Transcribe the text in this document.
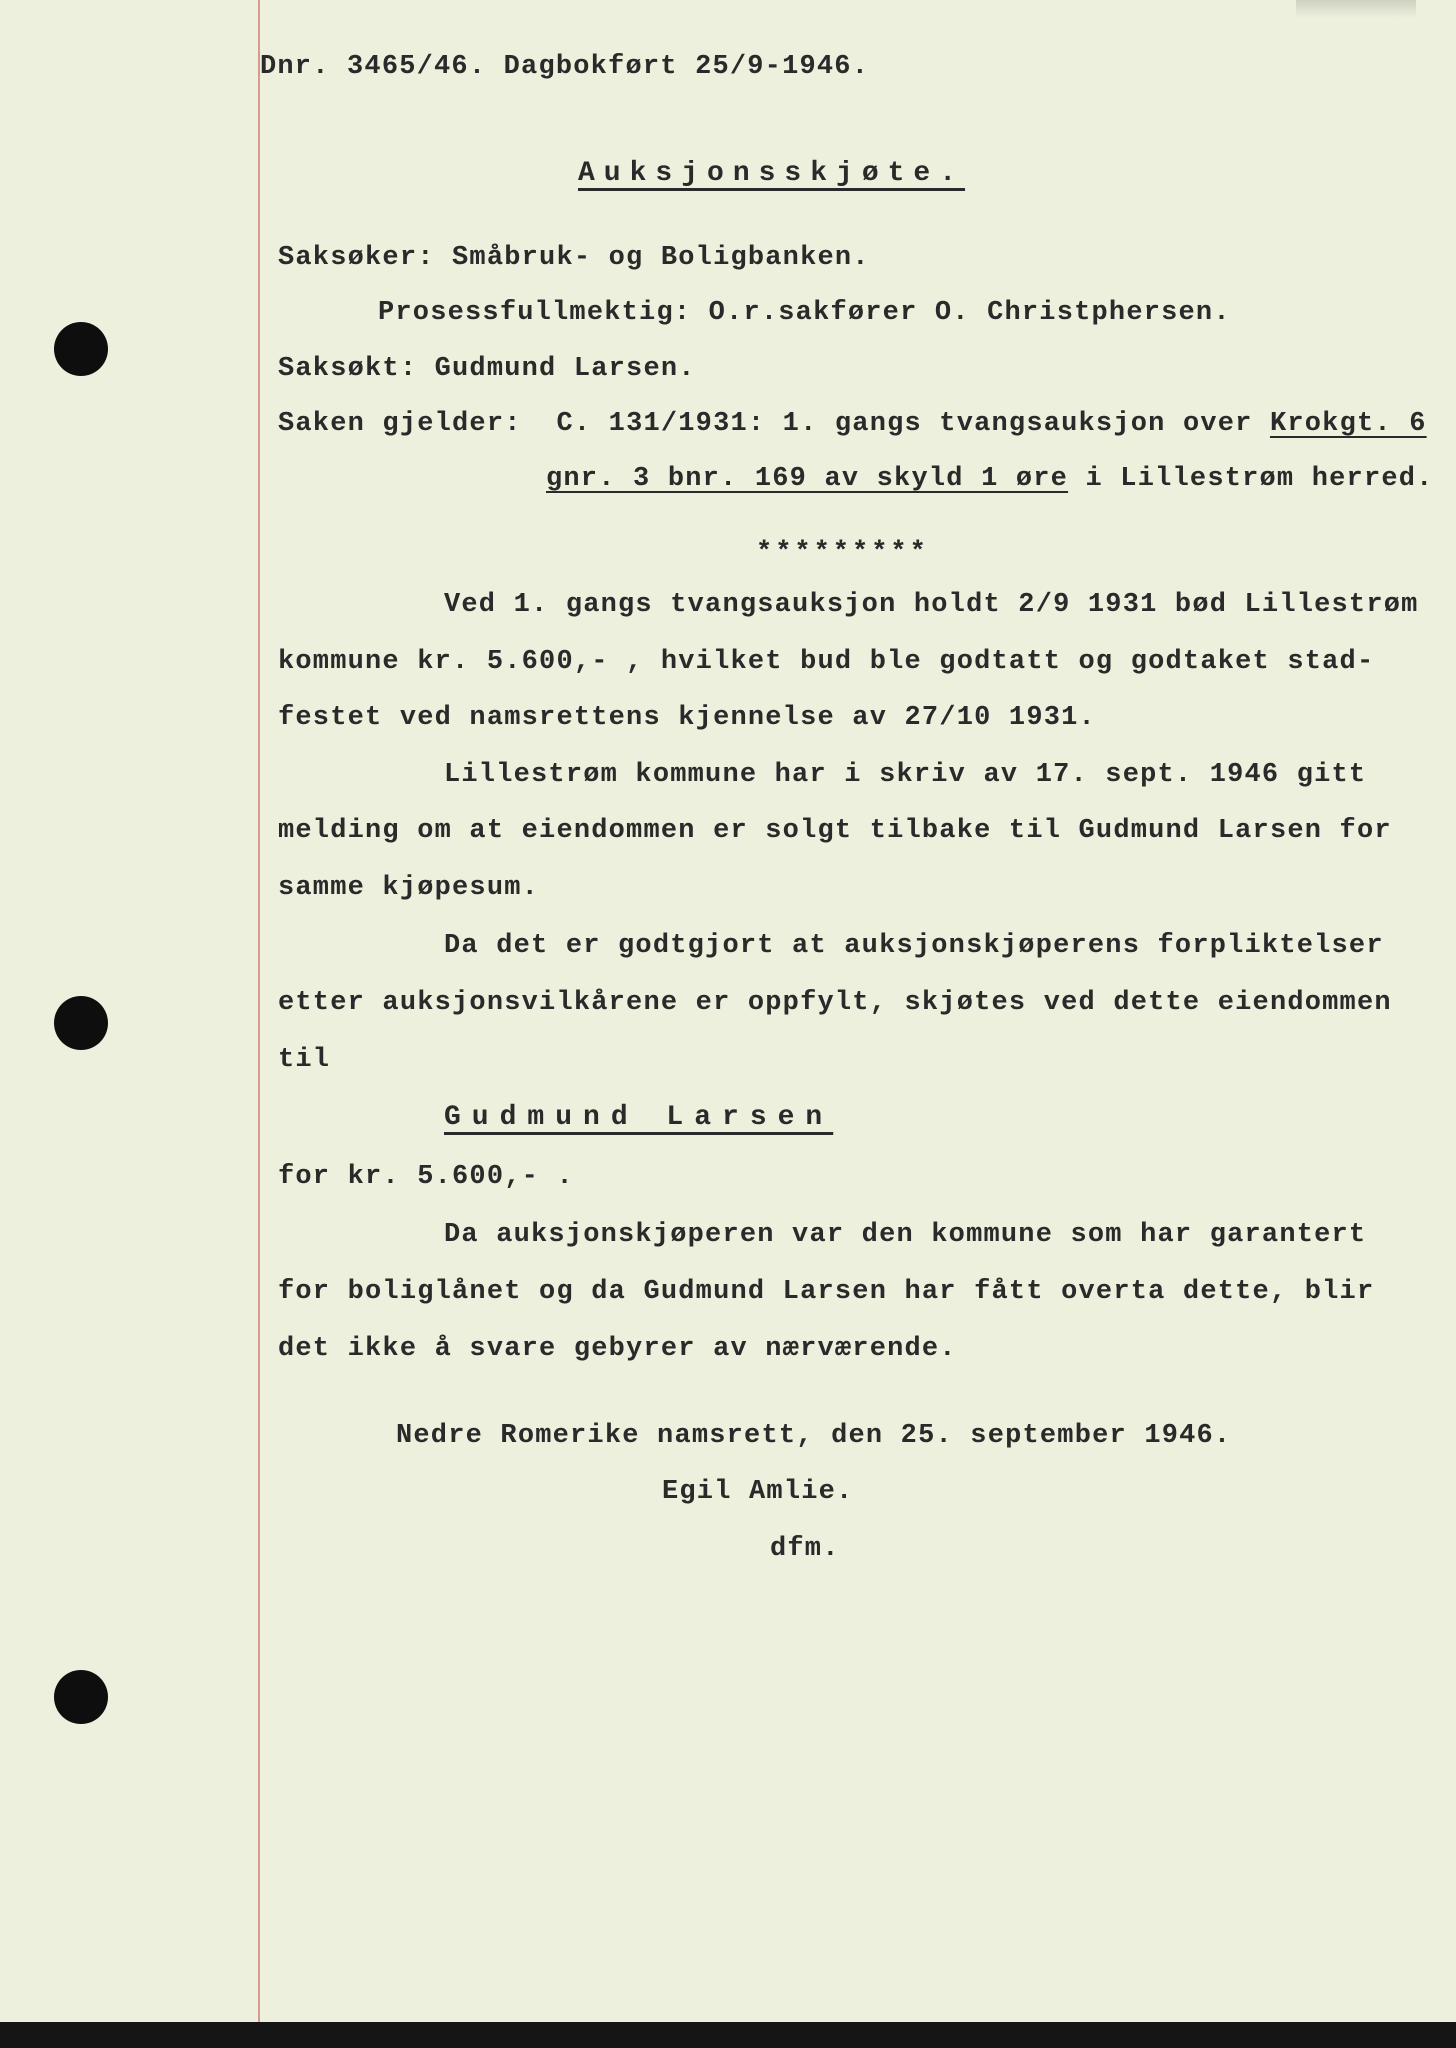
Dnr. 3465/46. Dagbokført 25/9-1946.
Auksjonsskjøte.
Saksøker: Småbruk- og Boligbanken.
Prosessfullmektig: O.r.sakfører O. Christphersen.
Saksøkt: Gudmund Larsen.
Saken gjelder: C. 131/1931: 1. gangs tvangsauksjon over Krokgt. 6
gnr. 3 bnr. 169 av skyld 1 øre i Lillestrøm herred.
*********
Ved 1. gangs tvangsauksjon holdt 2/9 1931 bød Lillestrøm
kommune kr. 5.600,- , hvilket bud ble godtatt og godtaket stad-
festet ved namsrettens kjennelse av 27/10 1931.
Lillestrøm kommune har i skriv av 17. sept. 1946 gitt
melding om at eiendommen er solgt tilbake til Gudmund Larsen for
samme kjøpesum.
Da det er godtgjort at auksjonskjøperens forpliktelser
etter auksjonsvilkårene er oppfylt, skjøtes ved dette eiendommen
til
Gudmund Larsen
for kr. 5.600,- .
Da auksjonskjøperen var den kommune som har garantert
for boliglånet og da Gudmund Larsen har fått overta dette, blir
det ikke å svare gebyrer av nærværende.
Nedre Romerike namsrett, den 25. september 1946.
Egil Amlie.
dfm.
